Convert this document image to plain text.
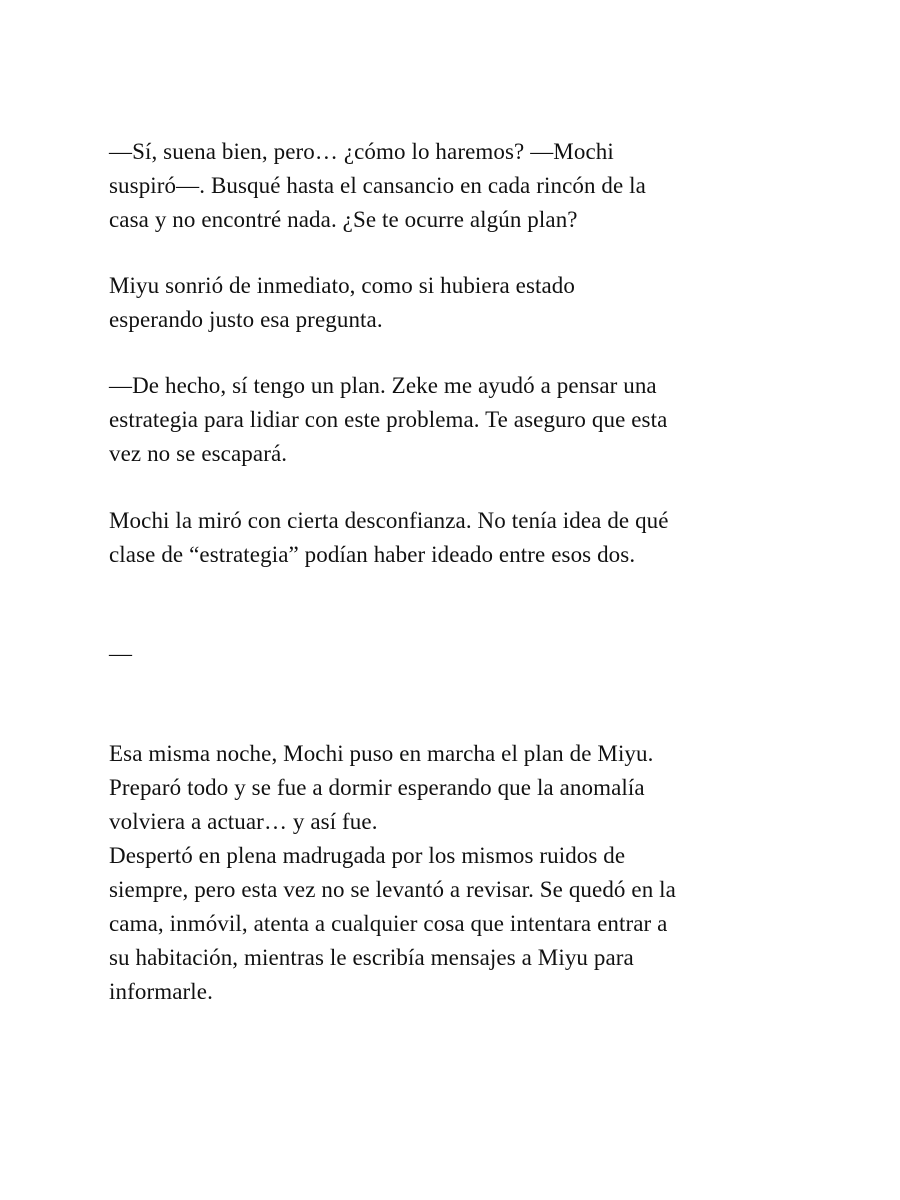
—Sí, suena bien, pero… ¿cómo lo haremos? —Mochi
suspiró—. Busqué hasta el cansancio en cada rincón de la
casa y no encontré nada. ¿Se te ocurre algún plan?

Miyu sonrió de inmediato, como si hubiera estado
esperando justo esa pregunta.

—De hecho, sí tengo un plan. Zeke me ayudó a pensar una
estrategia para lidiar con este problema. Te aseguro que esta
vez no se escapará.

Mochi la miró con cierta desconfianza. No tenía idea de qué
clase de “estrategia” podían haber ideado entre esos dos.

—

Esa misma noche, Mochi puso en marcha el plan de Miyu.
Preparó todo y se fue a dormir esperando que la anomalía
volviera a actuar… y así fue.

Despertó en plena madrugada por los mismos ruidos de
siempre, pero esta vez no se levantó a revisar. Se quedó en la
cama, inmóvil, atenta a cualquier cosa que intentara entrar a
su habitación, mientras le escribía mensajes a Miyu para
informarle.
